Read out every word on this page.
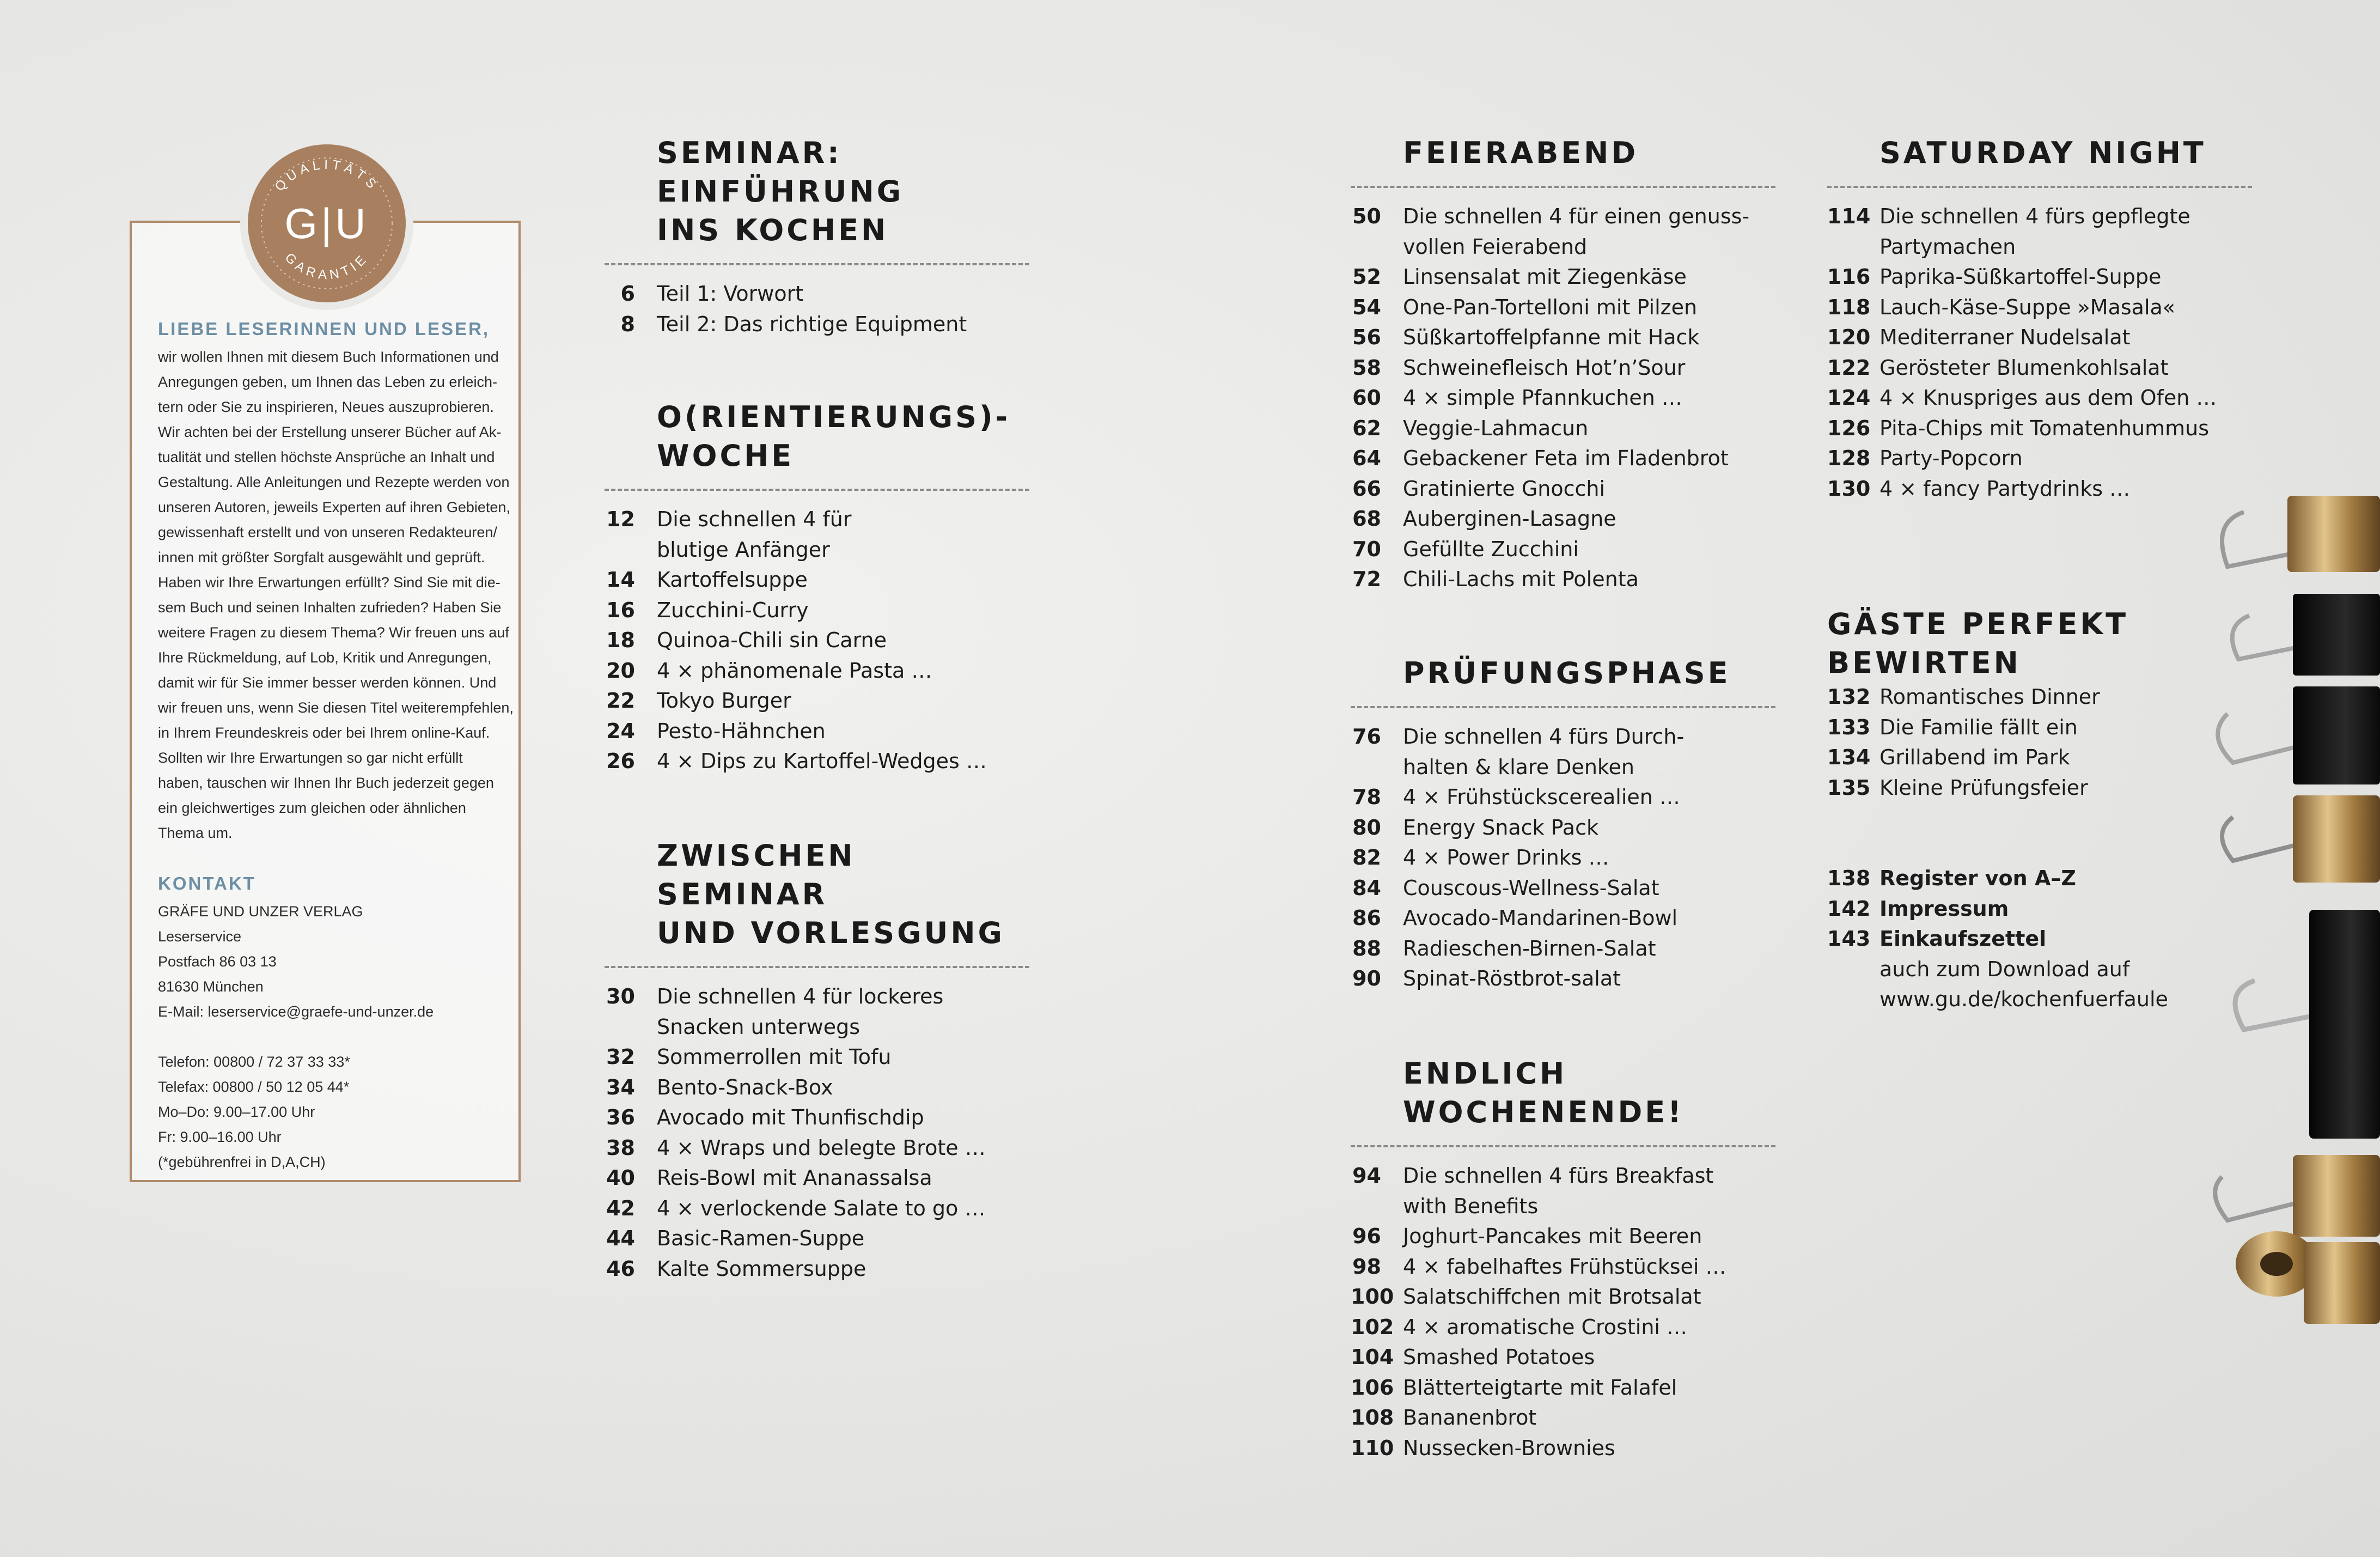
QUALITÄTS
GARANTIE
G|U
LIEBE LESERINNEN UND LESER,
wir wollen Ihnen mit diesem Buch Informationen und
Anregungen geben, um Ihnen das Leben zu erleich-
tern oder Sie zu inspirieren, Neues auszuprobieren.
Wir achten bei der Erstellung unserer Bücher auf Ak-
tualität und stellen höchste Ansprüche an Inhalt und
Gestaltung. Alle Anleitungen und Rezepte werden von
unseren Autoren, jeweils Experten auf ihren Gebieten,
gewissenhaft erstellt und von unseren Redakteuren/
innen mit größter Sorgfalt ausgewählt und geprüft.
Haben wir Ihre Erwartungen erfüllt? Sind Sie mit die-
sem Buch und seinen Inhalten zufrieden? Haben Sie
weitere Fragen zu diesem Thema? Wir freuen uns auf
Ihre Rückmeldung, auf Lob, Kritik und Anregungen,
damit wir für Sie immer besser werden können. Und
wir freuen uns, wenn Sie diesen Titel weiterempfehlen,
in Ihrem Freundeskreis oder bei Ihrem online-Kauf.
Sollten wir Ihre Erwartungen so gar nicht erfüllt
haben, tauschen wir Ihnen Ihr Buch jederzeit gegen
ein gleichwertiges zum gleichen oder ähnlichen
Thema um.
KONTAKT
GRÄFE UND UNZER VERLAG
Leserservice
Postfach 86 03 13
81630 München
E-Mail: leserservice@graefe-und-unzer.de
Telefon: 00800 / 72 37 33 33*
Telefax: 00800 / 50 12 05 44*
Mo–Do: 9.00–17.00 Uhr
Fr: 9.00–16.00 Uhr
(*gebührenfrei in D,A,CH)
SEMINAR:
EINFÜHRUNG
INS KOCHEN
6	Teil 1: Vorwort
8	Teil 2: Das richtige Equipment
O(RIENTIERUNGS)-
WOCHE
12	Die schnellen 4 für
blutige Anfänger
14	Kartoffelsuppe
16	Zucchini-Curry
18	Quinoa-Chili sin Carne
20	4 × phänomenale Pasta …
22	Tokyo Burger
24	Pesto-Hähnchen
26	4 × Dips zu Kartoffel-Wedges …
ZWISCHEN SEMINAR
UND VORLESGUNG
30	Die schnellen 4 für lockeres
Snacken unterwegs
32	Sommerrollen mit Tofu
34	Bento-Snack-Box
36	Avocado mit Thunfischdip
38	4 × Wraps und belegte Brote …
40	Reis-Bowl mit Ananassalsa
42	4 × verlockende Salate to go …
44	Basic-Ramen-Suppe
46	Kalte Sommersuppe
FEIERABEND
50	Die schnellen 4 für einen genuss-
vollen Feierabend
52	Linsensalat mit Ziegenkäse
54	One-Pan-Tortelloni mit Pilzen
56	Süßkartoffelpfanne mit Hack
58	Schweinefleisch Hot’n’Sour
60	4 × simple Pfannkuchen …
62	Veggie-Lahmacun
64	Gebackener Feta im Fladenbrot
66	Gratinierte Gnocchi
68	Auberginen-Lasagne
70	Gefüllte Zucchini
72	Chili-Lachs mit Polenta
PRÜFUNGSPHASE
76	Die schnellen 4 fürs Durch-
halten & klare Denken
78	4 × Frühstückscerealien …
80	Energy Snack Pack
82	4 × Power Drinks …
84	Couscous-Wellness-Salat
86	Avocado-Mandarinen-Bowl
88	Radieschen-Birnen-Salat
90	Spinat-Röstbrot-salat
ENDLICH
WOCHENENDE!
94	Die schnellen 4 fürs Breakfast
with Benefits
96	Joghurt-Pancakes mit Beeren
98	4 × fabelhaftes Frühstücksei …
100 Salatschiffchen mit Brotsalat
102 4 × aromatische Crostini …
104 Smashed Potatoes
106 Blätterteigtarte mit Falafel
108 Bananenbrot
110 Nussecken-Brownies
SATURDAY NIGHT
114 Die schnellen 4 fürs gepflegte
Partymachen
116 Paprika-Süßkartoffel-Suppe
118 Lauch-Käse-Suppe »Masala«
120 Mediterraner Nudelsalat
122 Gerösteter Blumenkohlsalat
124 4 × Knuspriges aus dem Ofen …
126 Pita-Chips mit Tomatenhummus
128 Party-Popcorn
130 4 × fancy Partydrinks …
GÄSTE PERFEKT
BEWIRTEN
132 Romantisches Dinner
133 Die Familie fällt ein
134 Grillabend im Park
135 Kleine Prüfungsfeier
138 Register von A–Z
142 Impressum
143 Einkaufszettel
auch zum Download auf
www.gu.de/kochenfuerfaule
